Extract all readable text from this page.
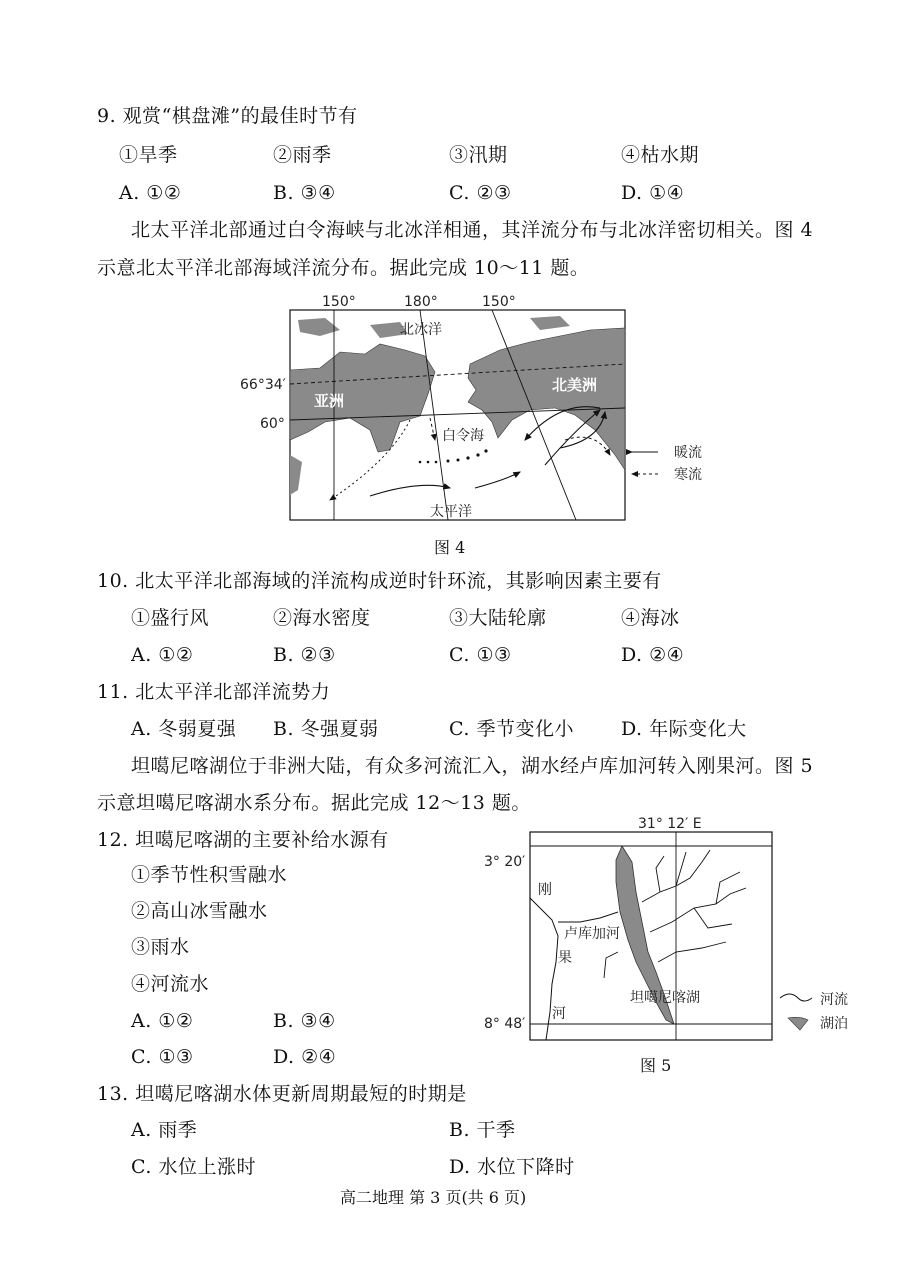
9. 观赏“棋盘滩”的最佳时节有
①旱季	②雨季	③汛期	④枯水期
A. ①②	B. ③④	C. ②③	D. ①④
北太平洋北部通过白令海峡与北冰洋相通，其洋流分布与北冰洋密切相关。图 4
示意北太平洋北部海域洋流分布。据此完成 10～11 题。
150°	180°	150°
66°34′
60°
北冰洋
太平洋
白令海
亚洲
北美洲
暖流
寒流
图 4
10. 北太平洋北部海域的洋流构成逆时针环流，其影响因素主要有
①盛行风	②海水密度	③大陆轮廓	④海冰
A. ①②	B. ②③	C. ①③	D. ②④
11. 北太平洋北部洋流势力
A. 冬弱夏强 B. 冬强夏弱	C. 季节变化小 D. 年际变化大
坦噶尼喀湖位于非洲大陆，有众多河流汇入，湖水经卢库加河转入刚果河。图 5
示意坦噶尼喀湖水系分布。据此完成 12～13 题。
12. 坦噶尼喀湖的主要补给水源有
①季节性积雪融水
②高山冰雪融水
③雨水
④河流水
A. ①②	B. ③④
C. ①③	D. ②④
31° 12′ E
3° 20′
8° 48′
卢库加河
刚
果
河
坦噶尼喀湖	河流
湖泊
图 5
13. 坦噶尼喀湖水体更新周期最短的时期是
A. 雨季	B. 干季
C. 水位上涨时	D. 水位下降时
高二地理 第 3 页(共 6 页)
